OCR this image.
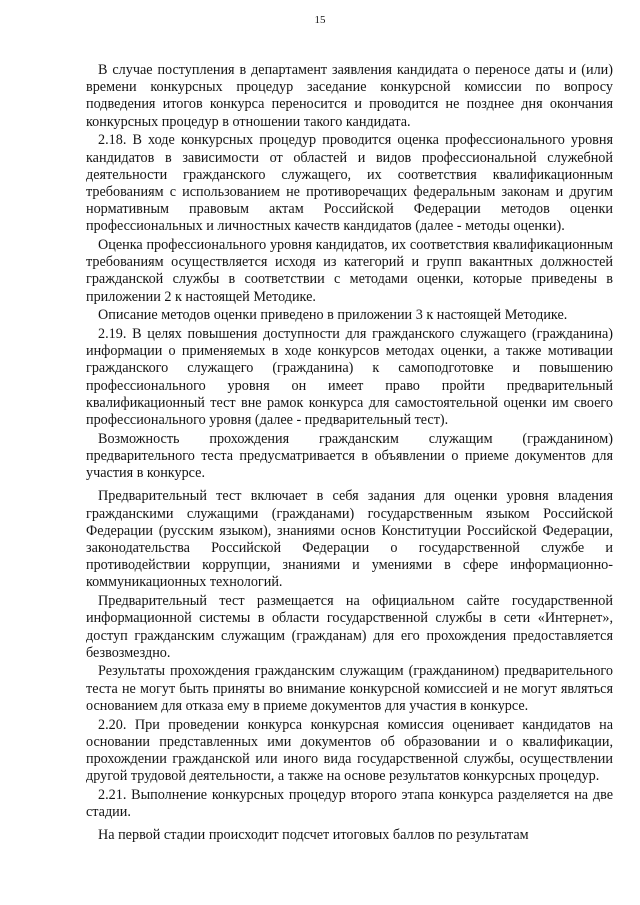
15

В случае поступления в департамент заявления кандидата о переносе даты и (или) времени конкурсных процедур заседание конкурсной комиссии по вопросу подведения итогов конкурса переносится и проводится не позднее дня окончания конкурсных процедур в отношении такого кандидата.

2.18. В ходе конкурсных процедур проводится оценка профессионального уровня кандидатов в зависимости от областей и видов профессиональной служебной деятельности гражданского служащего, их соответствия квалификационным требованиям с использованием не противоречащих федеральным законам и другим нормативным правовым актам Российской Федерации методов оценки профессиональных и личностных качеств кандидатов (далее - методы оценки).

Оценка профессионального уровня кандидатов, их соответствия квалификационным требованиям осуществляется исходя из категорий и групп вакантных должностей гражданской службы в соответствии с методами оценки, которые приведены в приложении 2 к настоящей Методике.

Описание методов оценки приведено в приложении 3 к настоящей Методике.

2.19. В целях повышения доступности для гражданского служащего (гражданина) информации о применяемых в ходе конкурсов методах оценки, а также мотивации гражданского служащего (гражданина) к самоподготовке и повышению профессионального уровня он имеет право пройти предварительный квалификационный тест вне рамок конкурса для самостоятельной оценки им своего профессионального уровня (далее - предварительный тест).

Возможность прохождения гражданским служащим (гражданином) предварительного теста предусматривается в объявлении о приеме документов для участия в конкурсе.

Предварительный тест включает в себя задания для оценки уровня владения гражданскими служащими (гражданами) государственным языком Российской Федерации (русским языком), знаниями основ Конституции Российской Федерации, законодательства Российской Федерации о государственной службе и противодействии коррупции, знаниями и умениями в сфере информационно-коммуникационных технологий.

Предварительный тест размещается на официальном сайте государственной информационной системы в области государственной службы в сети «Интернет», доступ гражданским служащим (гражданам) для его прохождения предоставляется безвозмездно.

Результаты прохождения гражданским служащим (гражданином) предварительного теста не могут быть приняты во внимание конкурсной комиссией и не могут являться основанием для отказа ему в приеме документов для участия в конкурсе.

2.20. При проведении конкурса конкурсная комиссия оценивает кандидатов на основании представленных ими документов об образовании и о квалификации, прохождении гражданской или иного вида государственной службы, осуществлении другой трудовой деятельности, а также на основе результатов конкурсных процедур.

2.21. Выполнение конкурсных процедур второго этапа конкурса разделяется на две стадии.

На первой стадии происходит подсчет итоговых баллов по результатам
